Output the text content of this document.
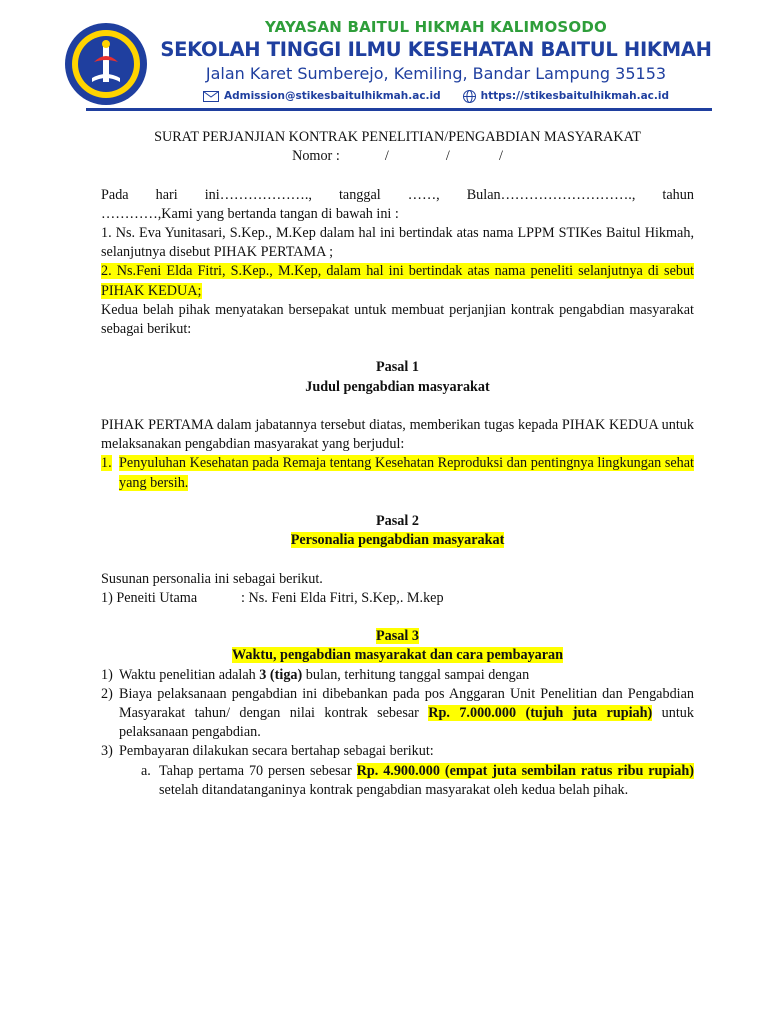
YAYASAN BAITUL HIKMAH KALIMOSODO
SEKOLAH TINGGI ILMU KESEHATAN BAITUL HIKMAH
Jalan Karet Sumberejo, Kemiling, Bandar Lampung 35153
Admission@stikesbaitulhikmah.ac.id	https://stikesbaitulhikmah.ac.id

SURAT PERJANJIAN KONTRAK PENELITIAN/PENGABDIAN MASYARAKAT

Nomor :	/	/	/

Pada hari ini………………., tanggal ……, Bulan………………………., tahun

…………,Kami yang bertanda tangan di bawah ini :

1. Ns. Eva Yunitasari, S.Kep., M.Kep dalam hal ini bertindak atas nama LPPM STIKes Baitul Hikmah, selanjutnya disebut PIHAK PERTAMA ;

2. Ns.Feni Elda Fitri, S.Kep., M.Kep, dalam hal ini bertindak atas nama peneliti selanjutnya di sebut PIHAK KEDUA;

Kedua belah pihak menyatakan bersepakat untuk membuat perjanjian kontrak pengabdian masyarakat sebagai berikut:

Pasal 1

Judul pengabdian masyarakat

PIHAK PERTAMA dalam jabatannya tersebut diatas, memberikan tugas kepada PIHAK KEDUA untuk melaksanakan pengabdian masyarakat yang berjudul:

1. Penyuluhan Kesehatan pada Remaja tentang Kesehatan Reproduksi dan pentingnya lingkungan sehat yang bersih.

Pasal 2

Personalia pengabdian masyarakat

Susunan personalia ini sebagai berikut.

1) Peneiti Utama	: Ns. Feni Elda Fitri, S.Kep,. M.kep

Pasal 3

Waktu, pengabdian masyarakat dan cara pembayaran

1) Waktu penelitian adalah 3 (tiga) bulan, terhitung tanggal sampai dengan
2) Biaya pelaksanaan pengabdian ini dibebankan pada pos Anggaran Unit Penelitian dan Pengabdian Masyarakat tahun/ dengan nilai kontrak sebesar Rp. 7.000.000 (tujuh juta rupiah) untuk pelaksanaan pengabdian.
3) Pembayaran dilakukan secara bertahap sebagai berikut:
a. Tahap pertama 70 persen sebesar Rp. 4.900.000 (empat juta sembilan ratus ribu rupiah) setelah ditandatanganinya kontrak pengabdian masyarakat oleh kedua belah pihak.
